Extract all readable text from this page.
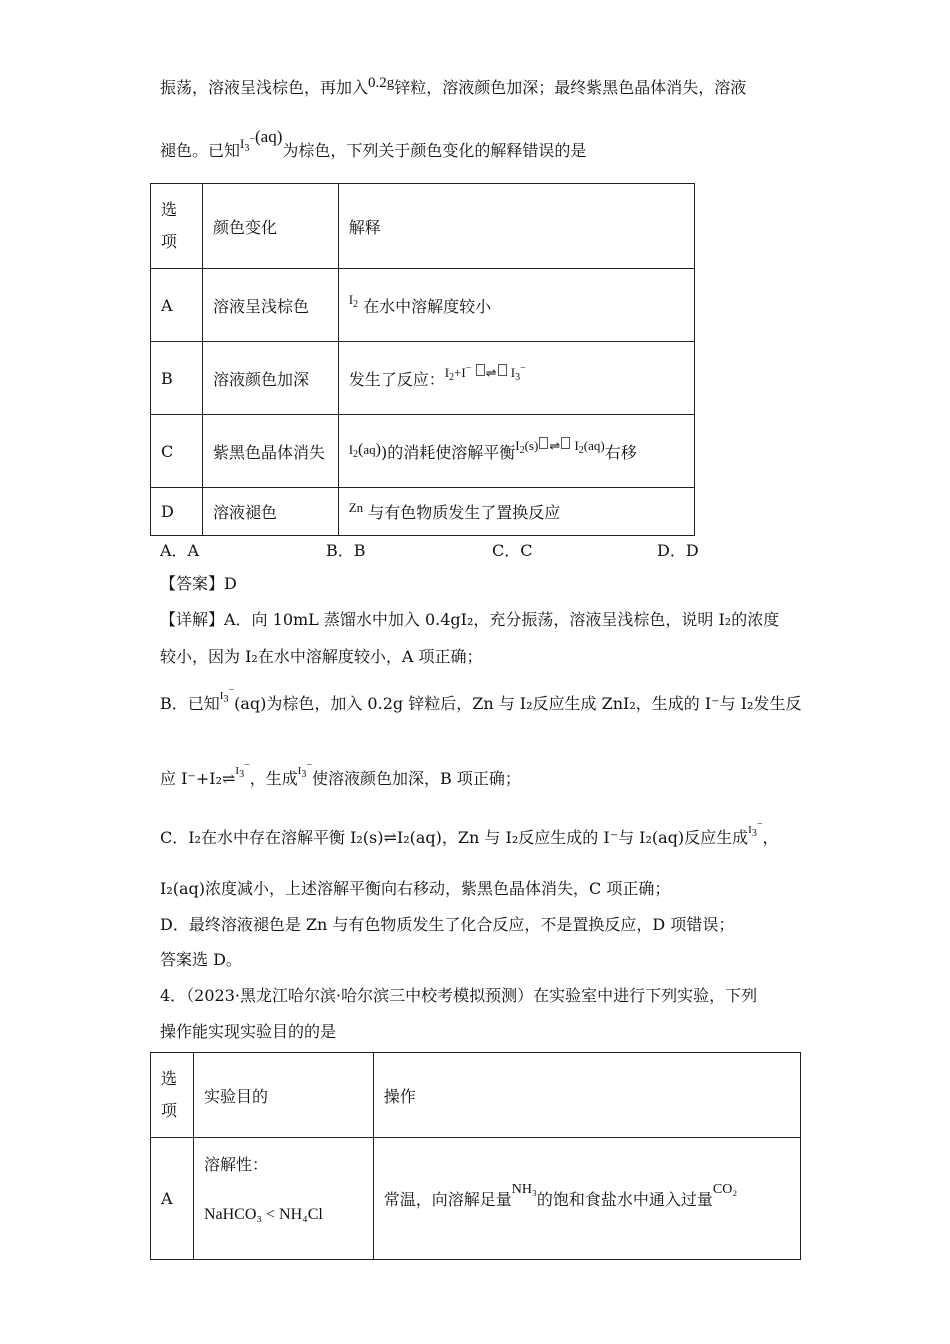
振荡，溶液呈浅棕色，再加入0.2g锌粒，溶液颜色加深；最终紫黑色晶体消失，溶液
褪色。已知$I_3^-(aq)$为棕色，下列关于颜色变化的解释错误的是
选
项	颜色变化	解释
A	溶液呈浅棕色	$I_2$ 在水中溶解度较小
B	溶液颜色加深	发生了反应：$I_2+I^-$ ⇌ $I_3^-$
C	紫黑色晶体消失	$I_2(aq)$)的消耗使溶解平衡$I_2(s)$ ⇌ $I_2(aq)$右移
D	溶液褪色	Zn 与有色物质发生了置换反应
A．A	B．B	C．C	D．D
【答案】D
【详解】A．向 10mL 蒸馏水中加入 0.4gI₂，充分振荡，溶液呈浅棕色，说明 I₂的浓度
较小，因为 I₂在水中溶解度较小，A 项正确；
B．已知$I_3^-(aq)$为棕色，加入 0.2g 锌粒后，Zn 与 I₂反应生成 ZnI₂，生成的 I⁻与 I₂发生反
应 $I^-+I_2\rightleftharpoons I_3^-$，生成$I_3^-$使溶液颜色加深，B 项正确；
C．I₂在水中存在溶解平衡 I₂(s)⇌I₂(aq)，Zn 与 I₂反应生成的 I⁻与 I₂(aq)反应生成$I_3^-$，
I₂(aq)浓度减小，上述溶解平衡向右移动，紫黑色晶体消失，C 项正确；
D．最终溶液褪色是 Zn 与有色物质发生了化合反应，不是置换反应，D 项错误；
答案选 D。
4．（2023·黑龙江哈尔滨·哈尔滨三中校考模拟预测）在实验室中进行下列实验，下列
操作能实现实验目的的是
选
项	实验目的	操作
A	溶解性：
NaHCO₃ < NH₄Cl	常温，向溶解足量NH₃的饱和食盐水中通入过量CO₂
